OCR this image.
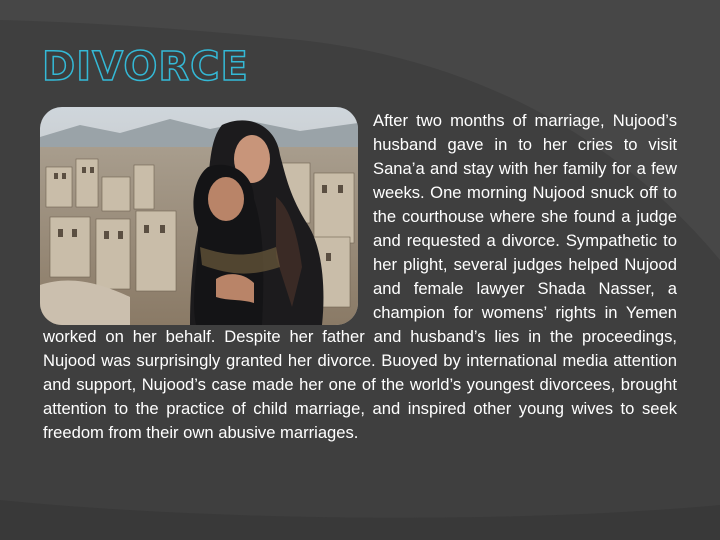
DIVORCE

After two months of marriage, Nujood’s husband gave in to her cries to visit Sana’a and stay with her family for a few weeks. One morning Nujood snuck off to the courthouse where she found a judge and requested a divorce. Sympathetic to her plight, several judges helped Nujood and female lawyer Shada Nasser, a champion for womens’ rights in Yemen worked on her behalf. Despite her father and husband’s lies in the proceedings, Nujood was surprisingly granted her divorce. Buoyed by international media attention and support, Nujood’s case made her one of the world’s youngest divorcees, brought attention to the practice of child marriage, and inspired other young wives to seek freedom from their own abusive marriages.
